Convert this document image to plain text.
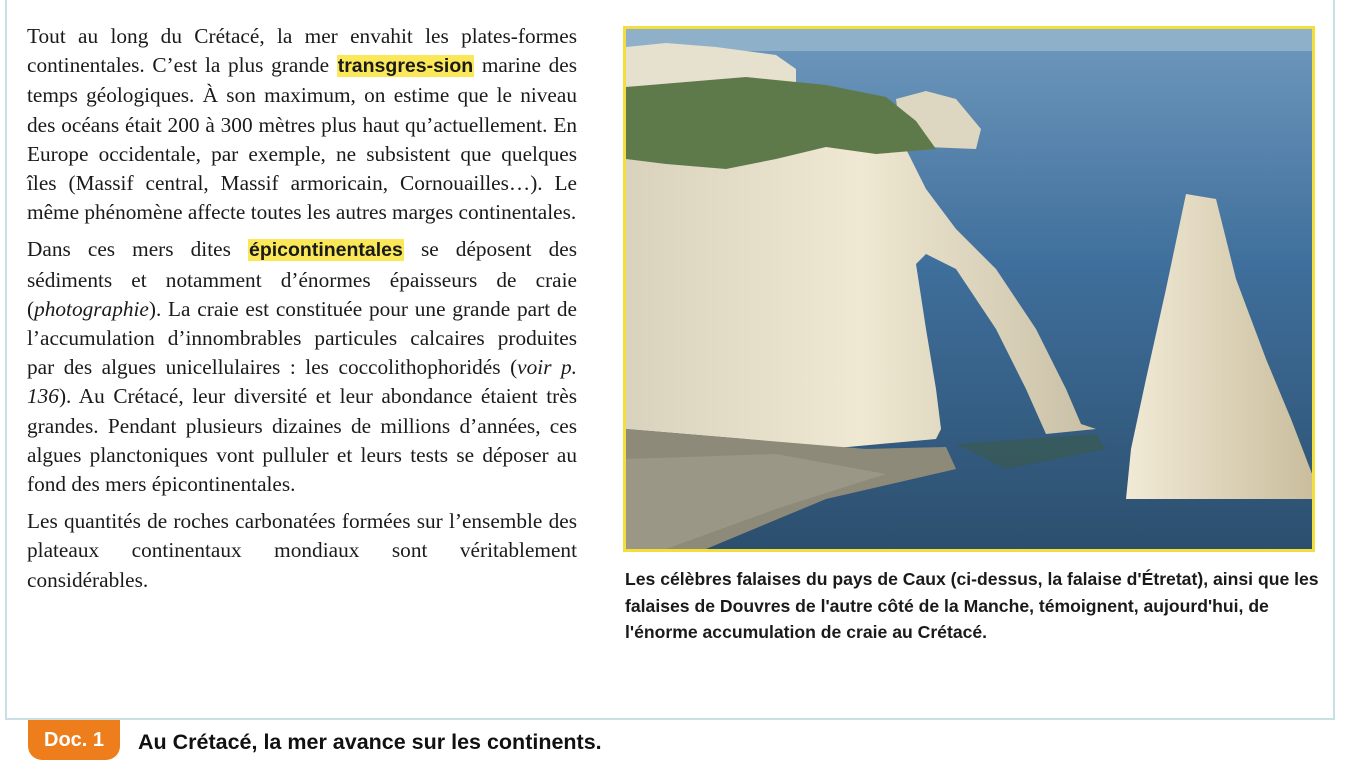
Tout au long du Crétacé, la mer envahit les plates-formes continentales. C’est la plus grande transgres-sion marine des temps géologiques. À son maximum, on estime que le niveau des océans était 200 à 300 mètres plus haut qu’actuellement. En Europe occidentale, par exemple, ne subsistent que quelques îles (Massif central, Massif armoricain, Cornouailles…). Le même phénomène affecte toutes les autres marges continentales.

Dans ces mers dites épicontinentales se déposent des sédiments et notamment d’énormes épaisseurs de craie (photographie). La craie est constituée pour une grande part de l’accumulation d’innombrables particules calcaires produites par des algues unicellulaires : les coccolithophoridés (voir p. 136). Au Crétacé, leur diversité et leur abondance étaient très grandes. Pendant plusieurs dizaines de millions d’années, ces algues planctoniques vont pulluler et leurs tests se déposer au fond des mers épicontinentales.

Les quantités de roches carbonatées formées sur l’ensemble des plateaux continentaux mondiaux sont véritablement considérables.	Les célèbres falaises du pays de Caux (ci-dessus, la falaise d'Étretat), ainsi que les falaises de Douvres de l'autre côté de la Manche, témoignent, aujourd'hui, de l'énorme accumulation de craie au Crétacé.

Doc. 1	Au Crétacé, la mer avance sur les continents.
